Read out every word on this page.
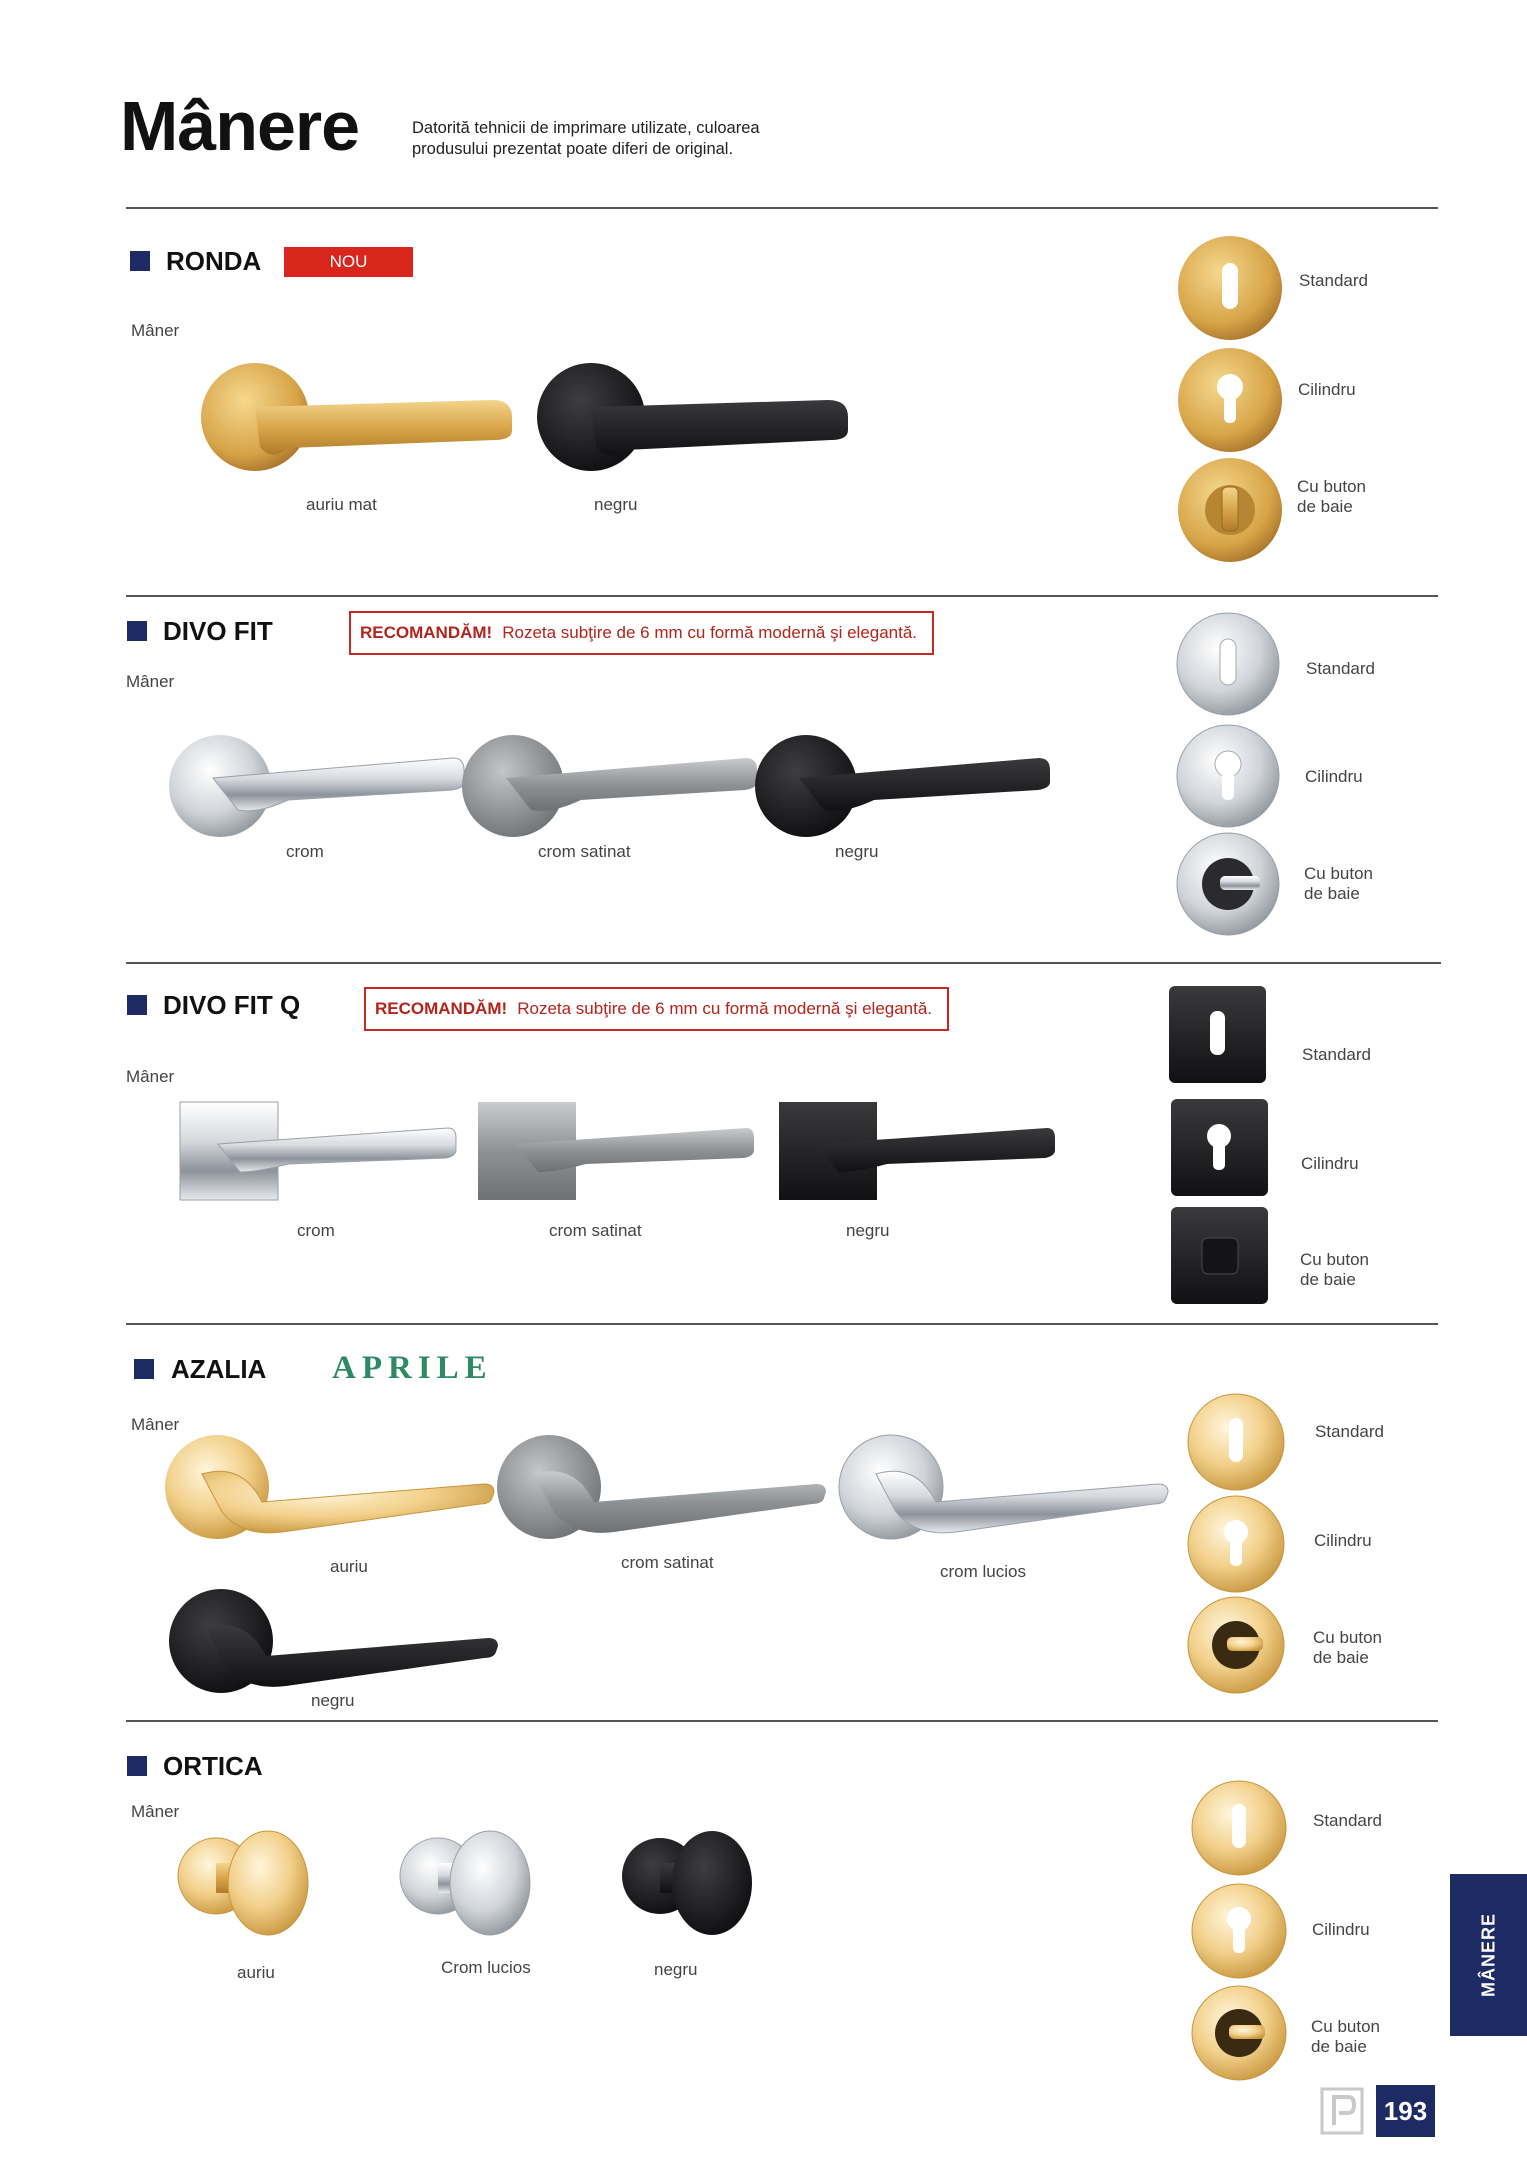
Mânere	Datorită tehnicii de imprimare utilizate, culoarea
produsului prezentat poate diferi de original.
RONDA	NOU
Mâner
auriu mat	negru
Standard
Cilindru
Cu buton
de baie
DIVO FIT	RECOMANDĂM! Rozeta subţire de 6 mm cu formă modernă şi elegantă.
Mâner
crom	crom satinat	negru
Standard
Cilindru
Cu buton
de baie
DIVO FIT Q	RECOMANDĂM! Rozeta subţire de 6 mm cu formă modernă şi elegantă.
Mâner
crom	crom satinat	negru
Standard
Cilindru
Cu buton
de baie
AZALIA APRILE
Mâner
auriu	crom satinat	crom lucios
negru
Standard
Cilindru
Cu buton
de baie
ORTICA
Mâner
auriu	Crom lucios	negru
Standard
Cilindru
Cu buton
de baie
MÂNERE
193
